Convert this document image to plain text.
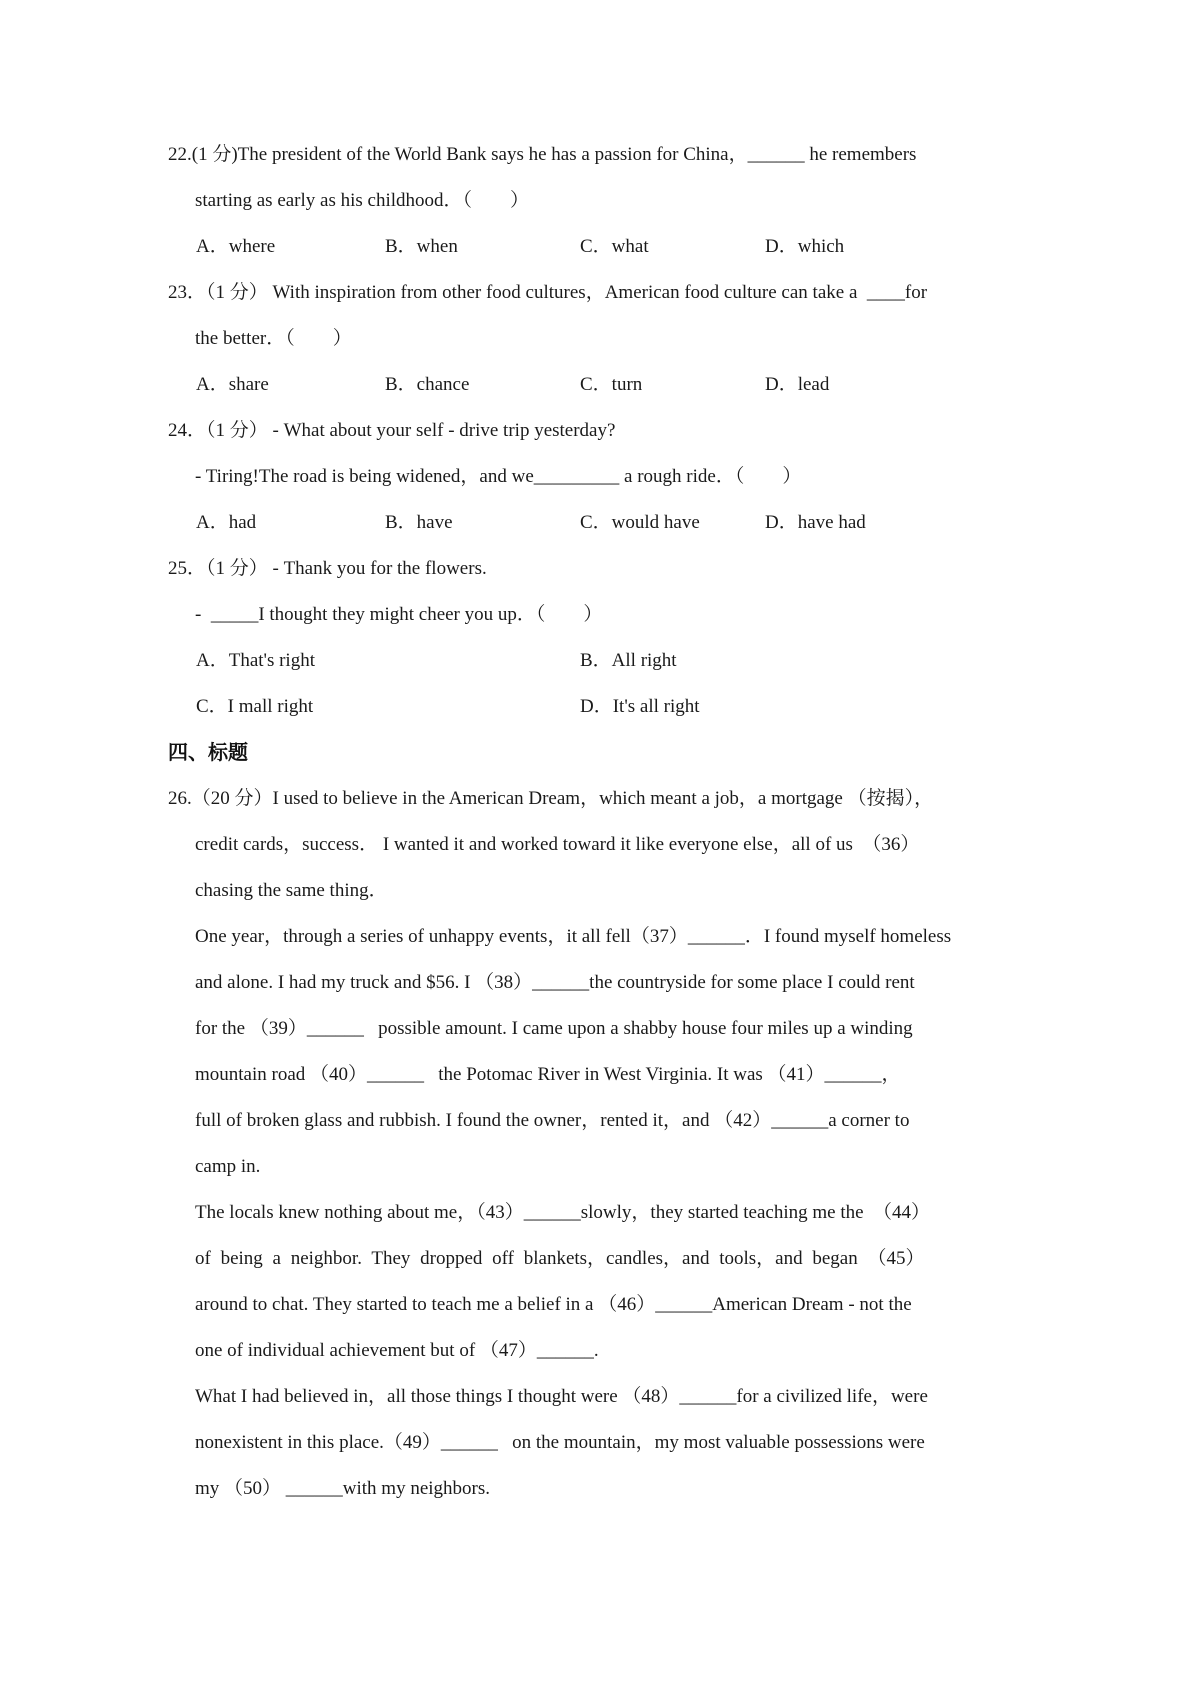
22.(1 分)The president of the World Bank says he has a passion for China，______ he remembers

starting as early as his childhood．（        ）

A．where	B．when	C．what	D．which

23．（1 分） With inspiration from other food cultures，American food culture can take a  ____for

the better．（        ）

A．share	B．chance	C．turn	D．lead

24．（1 分） - What about your self - drive trip yesterday?

- Tiring!The road is being widened，and we_________ a rough ride．（        ）

A．had	B．have	C．would have	D．have had

25．（1 分） - Thank you for the flowers.

-  _____I thought they might cheer you up．（        ）

A．That's right	B．All right
C．I mall right	D．It's all right
四、标题

26.（20 分）I used to believe in the American Dream，which meant a job，a mortgage （按揭），

credit cards，success． I wanted it and worked toward it like everyone else，all of us  （36）

chasing the same thing．

One year，through a series of unhappy events，it all fell（37）______．I found myself homeless

and alone. I had my truck and $56. I （38）______the countryside for some place I could rent

for the （39）______   possible amount. I came upon a shabby house four miles up a winding

mountain road （40）______   the Potomac River in West Virginia. It was （41）______，

full of broken glass and rubbish. I found the owner，rented it，and （42）______a corner to

camp in.

The locals knew nothing about me，（43）______slowly，they started teaching me the  （44）

of being a neighbor. They dropped off blankets，candles，and tools，and began （45）

around to chat. They started to teach me a belief in a （46）______American Dream - not the

one of individual achievement but of （47）______.

What I had believed in，all those things I thought were （48）______for a civilized life，were

nonexistent in this place.（49）______   on the mountain，my most valuable possessions were

my （50） ______with my neighbors.
